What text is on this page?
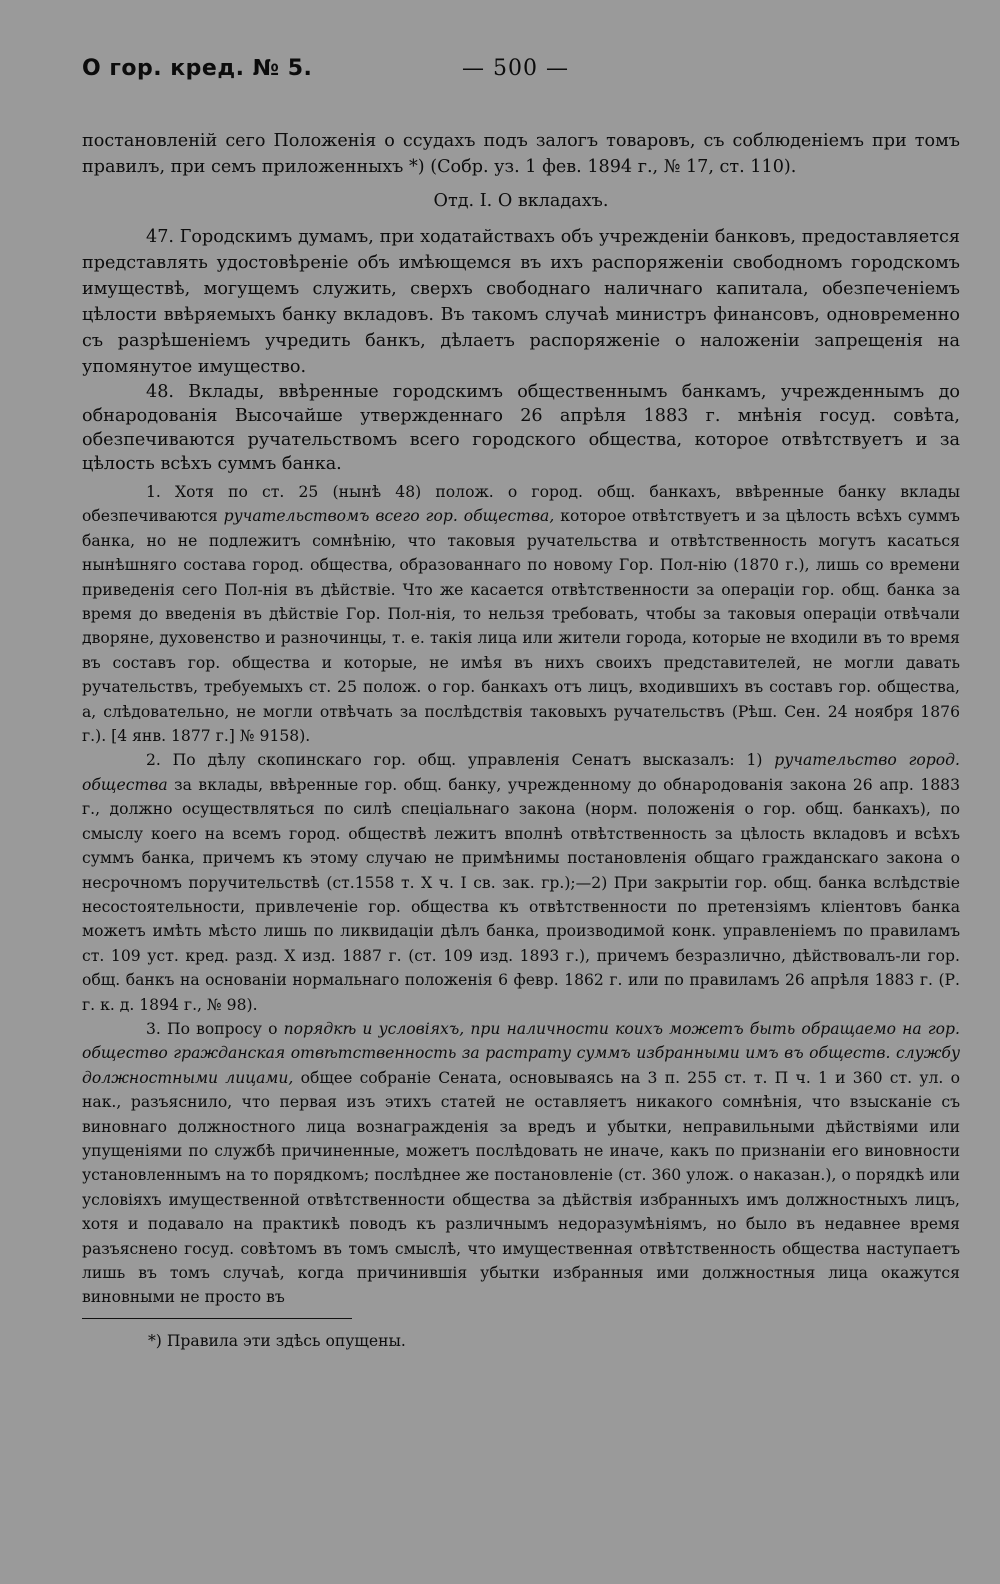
О гор. кред. № 5.	— 500 —

постановленiй сего Положенiя о ссудахъ подъ залогъ товаровъ, съ соблюденiемъ при томъ правилъ, при семъ приложенныхъ *) (Собр. уз. 1 фев. 1894 г., № 17, ст. 110).

Отд. I. О вкладахъ.

47. Городскимъ думамъ, при ходатайствахъ объ учрежденiи банковъ, предоставляется представлять удостовѣренiе объ имѣющемся въ ихъ распоряженiи свободномъ городскомъ имуществѣ, могущемъ служить, сверхъ свободнаго наличнаго капитала, обезпеченiемъ цѣлости ввѣряемыхъ банку вкладовъ. Въ такомъ случаѣ министръ финансовъ, одновременно съ разрѣшенiемъ учредить банкъ, дѣлаетъ распоряженiе о наложенiи запрещенiя на упомянутое имущество.

48. Вклады, ввѣренные городскимъ общественнымъ банкамъ, учрежденнымъ до обнародованiя Высочайше утвержденнаго 26 апрѣля 1883 г. мнѣнiя госуд. совѣта, обезпечиваются ручательствомъ всего городского общества, которое отвѣтствуетъ и за цѣлость всѣхъ суммъ банка.

1. Хотя по ст. 25 (нынѣ 48) полож. о город. общ. банкахъ, ввѣренные банку вклады обезпечиваются ручательствомъ всего гор. общества, которое отвѣтствуетъ и за цѣлость всѣхъ суммъ банка, но не подлежитъ сомнѣнiю, что таковыя ручательства и отвѣтственность могутъ касаться нынѣшняго состава город. общества, образованнаго по новому Гор. Пол-нiю (1870 г.), лишь со времени приведенiя сего Пол-нiя въ дѣйствiе. Что же касается отвѣтственности за операцiи гор. общ. банка за время до введенiя въ дѣйствiе Гор. Пол-нiя, то нельзя требовать, чтобы за таковыя операцiи отвѣчали дворяне, духовенство и разночинцы, т. е. такiя лица или жители города, которые не входили въ то время въ составъ гор. общества и которые, не имѣя въ нихъ своихъ представителей, не могли давать ручательствъ, требуемыхъ ст. 25 полож. о гор. банкахъ отъ лицъ, входившихъ въ составъ гор. общества, а, слѣдовательно, не могли отвѣчать за послѣдствiя таковыхъ ручательствъ (Рѣш. Сен. 24 ноября 1876 г.). [4 янв. 1877 г.] № 9158).

2. По дѣлу скопинскаго гор. общ. управленiя Сенатъ высказалъ: 1) ручательство город. общества за вклады, ввѣренные гор. общ. банку, учрежденному до обнародованiя закона 26 апр. 1883 г., должно осуществляться по силѣ спецiальнаго закона (норм. положенiя о гор. общ. банкахъ), по смыслу коего на всемъ город. обществѣ лежитъ вполнѣ отвѣтственность за цѣлость вкладовъ и всѣхъ суммъ банка, причемъ къ этому случаю не примѣнимы постановленiя общаго гражданскаго закона о несрочномъ поручительствѣ (ст.1558 т. X ч. I св. зак. гр.);—2) При закрытiи гор. общ. банка вслѣдствiе несостоятельности, привлеченiе гор. общества къ отвѣтственности по претензiямъ клiентовъ банка можетъ имѣть мѣсто лишь по ликвидацiи дѣлъ банка, производимой конк. управленiемъ по правиламъ ст. 109 уст. кред. разд. X изд. 1887 г. (ст. 109 изд. 1893 г.), причемъ безразлично, дѣйствовалъ-ли гор. общ. банкъ на основанiи нормальнаго положенiя 6 февр. 1862 г. или по правиламъ 26 апрѣля 1883 г. (Р. г. к. д. 1894 г., № 98).

3. По вопросу о порядкѣ и условiяхъ, при наличности коихъ можетъ быть обращаемо на гор. общество гражданская отвѣтственность за растрату суммъ избранными имъ въ обществ. службу должностными лицами, общее собранiе Сената, основываясь на 3 п. 255 ст. т. П ч. 1 и 360 ст. ул. о нак., разъяснило, что первая изъ этихъ статей не оставляетъ никакого сомнѣнiя, что взысканiе съ виновнаго должностного лица вознагражденiя за вредъ и убытки, неправильными дѣйствiями или упущенiями по службѣ причиненные, можетъ послѣдовать не иначе, какъ по признанiи его виновности установленнымъ на то порядкомъ; послѣднее же постановленiе (ст. 360 улож. о наказан.), о порядкѣ или условiяхъ имущественной отвѣтственности общества за дѣйствiя избранныхъ имъ должностныхъ лицъ, хотя и подавало на практикѣ поводъ къ различнымъ недоразумѣнiямъ, но было въ недавнее время разъяснено госуд. совѣтомъ въ томъ смыслѣ, что имущественная отвѣтственность общества наступаетъ лишь въ томъ случаѣ, когда причинившiя убытки избранныя ими должностныя лица окажутся виновными не просто въ

*) Правила эти здѣсь опущены.
